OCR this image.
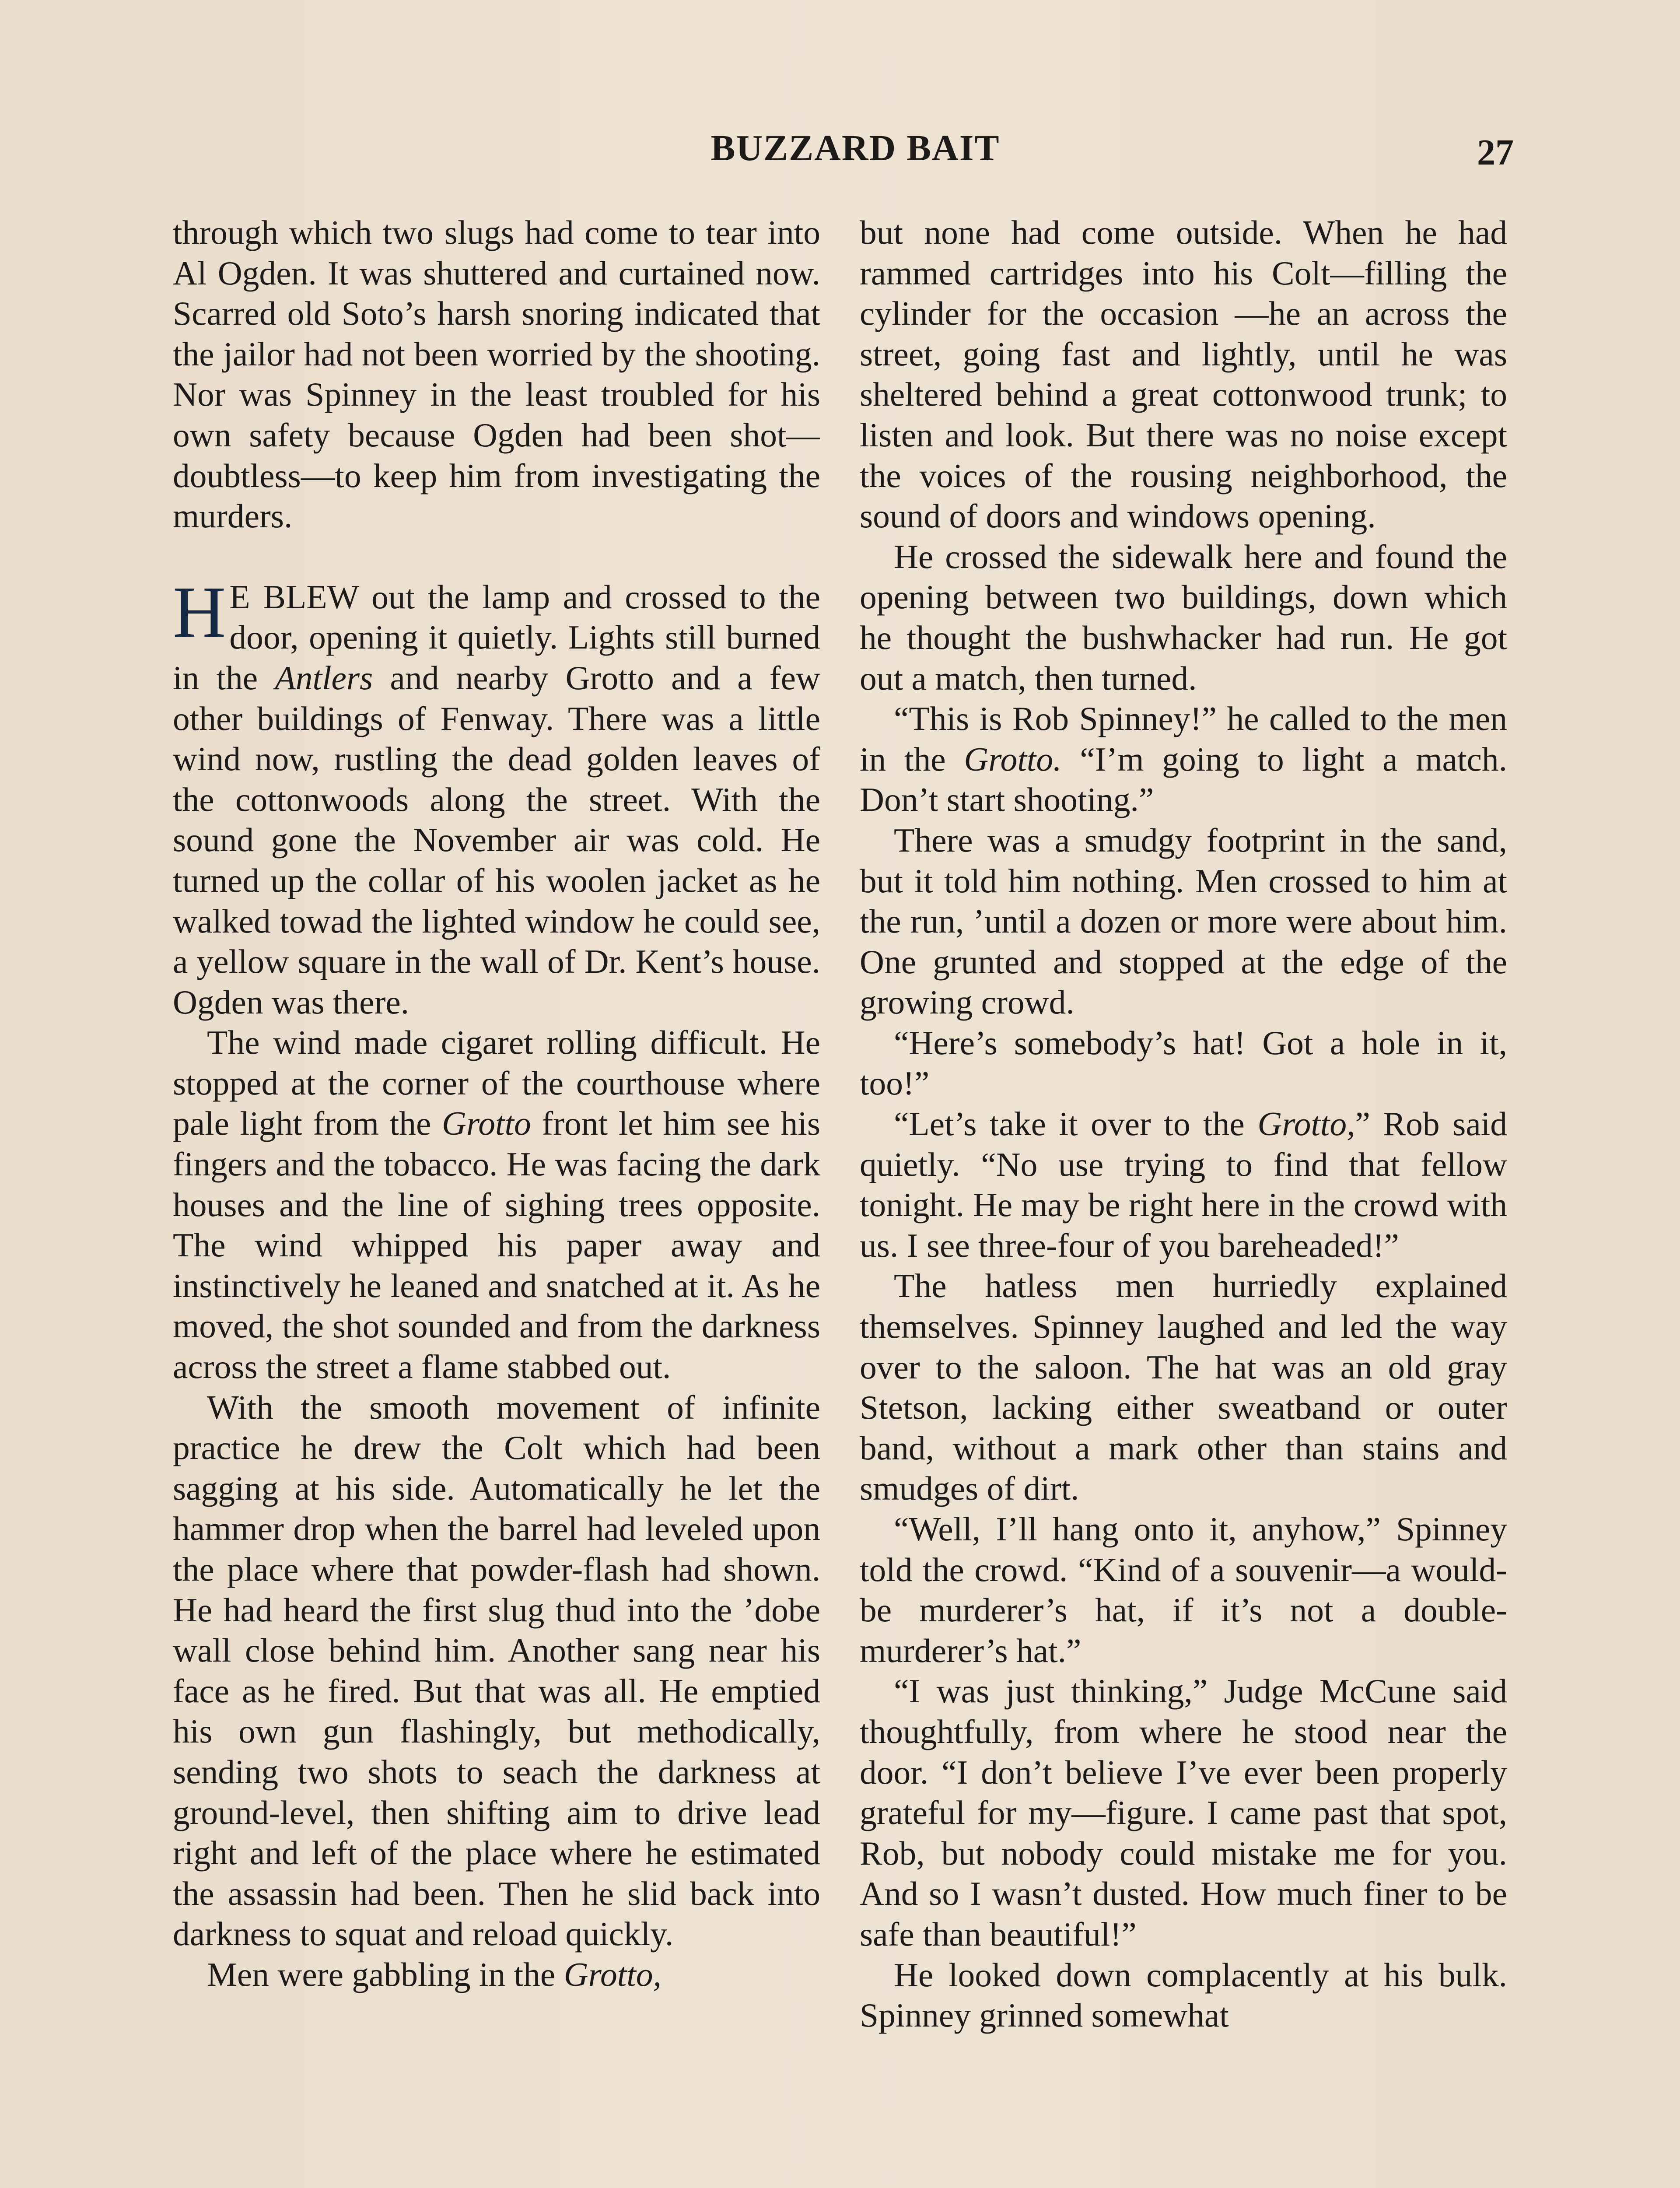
BUZZARD BAIT	27

through which two slugs had come to tear into Al Ogden. It was shuttered and curtained now. Scarred old Soto’s harsh snoring indicated that the jailor had not been worried by the shooting. Nor was Spinney in the least troubled for his own safety because Ogden had been shot—doubtless—to keep him from investigating the murders.

H E BLEW out the lamp and crossed to the door, opening it quietly. Lights still burned in the Antlers and nearby Grotto and a few other buildings of Fenway. There was a little wind now, rustling the dead golden leaves of the cottonwoods along the street. With the sound gone the November air was cold. He turned up the collar of his woolen jacket as he walked towad the lighted window he could see, a yellow square in the wall of Dr. Kent’s house. Ogden was there.

The wind made cigaret rolling difficult. He stopped at the corner of the courthouse where pale light from the Grotto front let him see his fingers and the tobacco. He was facing the dark houses and the line of sighing trees opposite. The wind whipped his paper away and instinctively he leaned and snatched at it. As he moved, the shot sounded and from the darkness across the street a flame stabbed out.

With the smooth movement of infinite practice he drew the Colt which had been sagging at his side. Automatically he let the hammer drop when the barrel had leveled upon the place where that powder-flash had shown. He had heard the first slug thud into the ’dobe wall close behind him. Another sang near his face as he fired. But that was all. He emptied his own gun flashingly, but methodically, sending two shots to seach the darkness at ground-level, then shifting aim to drive lead right and left of the place where he estimated the assassin had been. Then he slid back into darkness to squat and reload quickly.

Men were gabbling in the Grotto,

but none had come outside. When he had rammed cartridges into his Colt—filling the cylinder for the occasion —he an across the street, going fast and lightly, until he was sheltered behind a great cottonwood trunk; to listen and look. But there was no noise except the voices of the rousing neighborhood, the sound of doors and windows opening.

He crossed the sidewalk here and found the opening between two buildings, down which he thought the bushwhacker had run. He got out a match, then turned.

“This is Rob Spinney!” he called to the men in the Grotto. “I’m going to light a match. Don’t start shooting.”

There was a smudgy footprint in the sand, but it told him nothing. Men crossed to him at the run, ’until a dozen or more were about him. One grunted and stopped at the edge of the growing crowd.

“Here’s somebody’s hat! Got a hole in it, too!”

“Let’s take it over to the Grotto,” Rob said quietly. “No use trying to find that fellow tonight. He may be right here in the crowd with us. I see three-four of you bareheaded!”

The hatless men hurriedly explained themselves. Spinney laughed and led the way over to the saloon. The hat was an old gray Stetson, lacking either sweatband or outer band, without a mark other than stains and smudges of dirt.

“Well, I’ll hang onto it, anyhow,” Spinney told the crowd. “Kind of a souvenir—a would-be murderer’s hat, if it’s not a double-murderer’s hat.”

“I was just thinking,” Judge McCune said thoughtfully, from where he stood near the door. “I don’t believe I’ve ever been properly grateful for my—figure. I came past that spot, Rob, but nobody could mistake me for you. And so I wasn’t dusted. How much finer to be safe than beautiful!”

He looked down complacently at his bulk. Spinney grinned somewhat
